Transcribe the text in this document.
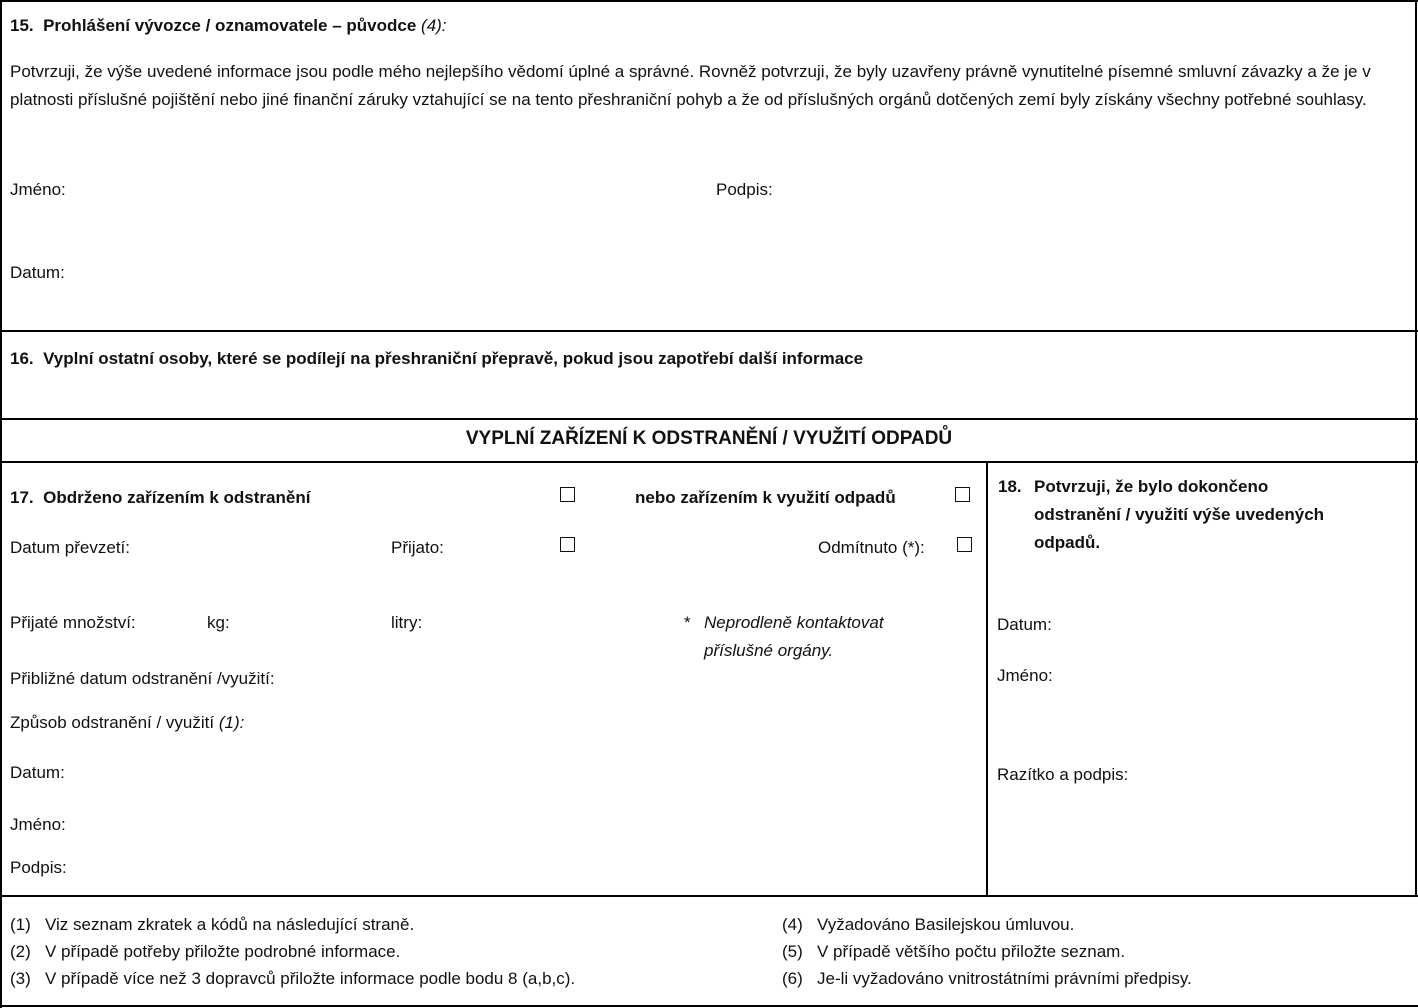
15. Prohlášení vývozce / oznamovatele – původce (4):
Potvrzuji, že výše uvedené informace jsou podle mého nejlepšího vědomí úplné a správné. Rovněž potvrzuji, že byly uzavřeny právně vynutitelné písemné smluvní závazky a že je v platnosti příslušné pojištění nebo jiné finanční záruky vztahující se na tento přeshraniční pohyb a že od příslušných orgánů dotčených zemí byly získány všechny potřebné souhlasy.
Jméno:	Podpis:
Datum:
16. Vyplní ostatní osoby, které se podílejí na přeshraniční přepravě, pokud jsou zapotřebí další informace
VYPLNÍ ZAŘÍZENÍ K ODSTRANĚNÍ / VYUŽITÍ ODPADŮ
17. Obdrženo zařízením k odstranění	nebo zařízením k využití odpadů
Datum převzetí:	Přijato:	Odmítnuto (*):
Přijaté množství:	kg:	litry:	* Neprodleně kontaktovat
příslušné orgány.
Přibližné datum odstranění /využití:
Způsob odstranění / využití (1):
Datum:
Jméno:
Podpis:
18. Potvrzuji, že bylo dokončeno
odstranění / využití výše uvedených
odpadů.
Datum:
Jméno:
Razítko a podpis:
(1) Viz seznam zkratek a kódů na následující straně.
(2) V případě potřeby přiložte podrobné informace.
(3) V případě více než 3 dopravců přiložte informace podle bodu 8 (a,b,c).
(4) Vyžadováno Basilejskou úmluvou.
(5) V případě většího počtu přiložte seznam.
(6) Je-li vyžadováno vnitrostátními právními předpisy.
